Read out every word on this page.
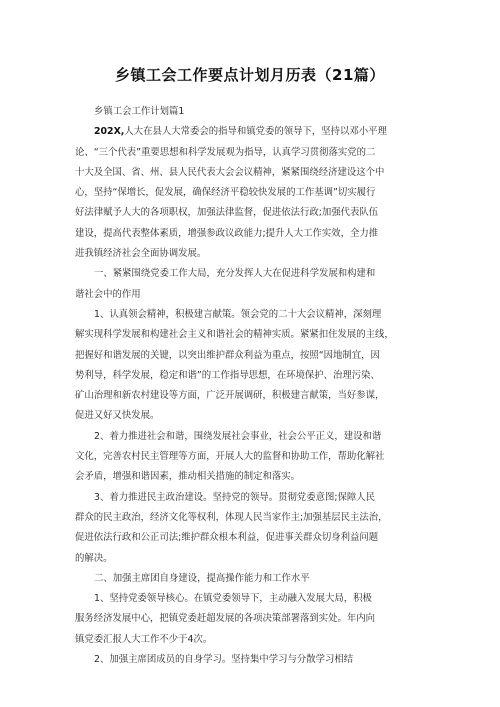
乡镇工会工作要点计划月历表（21篇）

乡镇工会工作计划篇1

202X,人大在县人大常委会的指导和镇党委的领导下，坚持以邓小平理

论、“三个代表”重要思想和科学发展观为指导，认真学习贯彻落实党的二

十大及全国、省、州、县人民代表大会会议精神，紧紧围绕经济建设这个中

心，坚持“保增长，促发展，确保经济平稳较快发展的工作基调”切实履行

好法律赋予人大的各项职权，加强法律监督，促进依法行政;加强代表队伍

建设，提高代表整体素质，增强参政议政能力;提升人大工作实效，全力推

进我镇经济社会全面协调发展。

一、紧紧围绕党委工作大局，充分发挥人大在促进科学发展和构建和

谐社会中的作用

1、认真领会精神，积极建言献策。领会党的二十大会议精神，深刻理

解实现科学发展和构建社会主义和谐社会的精神实质。紧紧扣住发展的主线，

把握好和谐发展的关键，以突出维护群众利益为重点，按照“因地制宜，因

势利导，科学发展，稳定和谐”的工作指导思想，在环境保护、治理污染、

矿山治理和新农村建设等方面，广泛开展调研，积极建言献策，当好参谋，

促进又好又快发展。

2、着力推进社会和谐，围绕发展社会事业，社会公平正义，建设和谐

文化，完善农村民主管理等方面，开展人大的监督和协助工作，帮助化解社

会矛盾，增强和谐因素，推动相关措施的制定和落实。

3、着力推进民主政治建设。坚持党的领导。贯彻党委意图;保障人民

群众的民主政治，经济文化等权利，体现人民当家作主;加强基层民主法治，

促进依法行政和公正司法;维护群众根本利益，促进事关群众切身利益问题

的解决。

二、加强主席团自身建设，提高操作能力和工作水平

1、坚持党委领导核心。在镇党委领导下，主动融入发展大局，积极

服务经济发展中心，把镇党委赶超发展的各项决策部署落到实处。年内向

镇党委汇报人大工作不少于4次。

2、加强主席团成员的自身学习。坚持集中学习与分散学习相结
